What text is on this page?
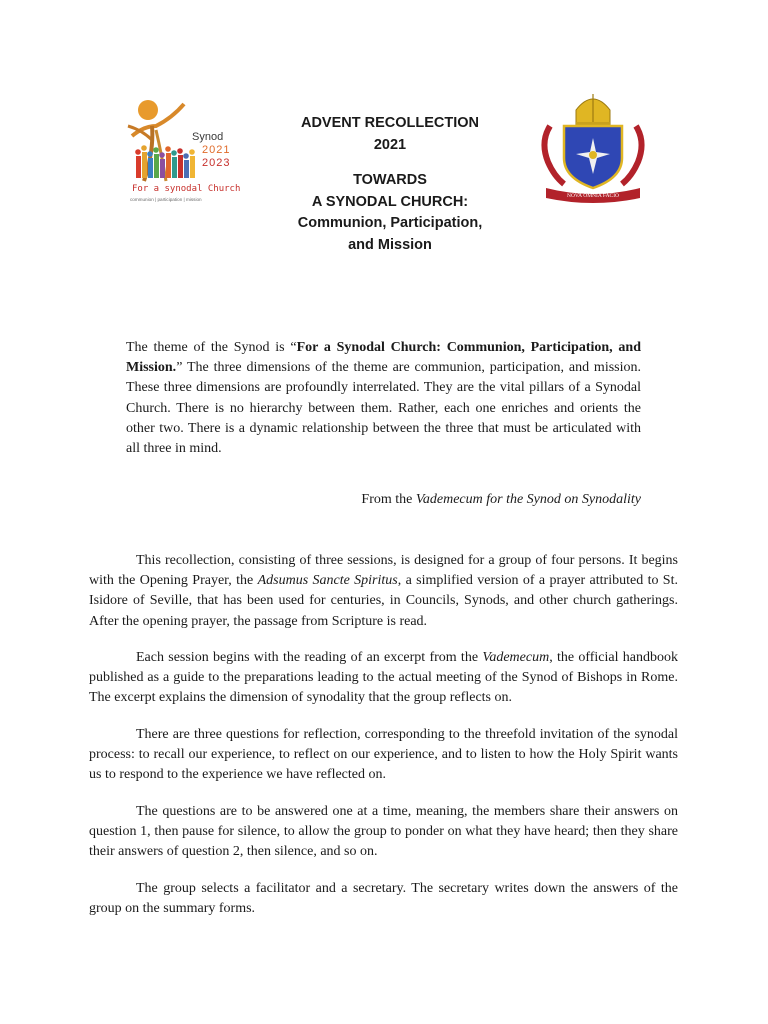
Synod
2021
2023
For a synodal Church
communion | participation | mission
NOVA OMNIA FACIO
ADVENT RECOLLECTION
2021
TOWARDS
A SYNODAL CHURCH:
Communion, Participation,
and Mission
The theme of the Synod is “For a Synodal Church: Communion, Participation, and Mission.” The three dimensions of the theme are communion, participation, and mission. These three dimensions are profoundly interrelated. They are the vital pillars of a Synodal Church. There is no hierarchy between them. Rather, each one enriches and orients the other two. There is a dynamic relationship between the three that must be articulated with all three in mind.
From the Vademecum for the Synod on Synodality
This recollection, consisting of three sessions, is designed for a group of four persons. It begins with the Opening Prayer, the Adsumus Sancte Spiritus, a simplified version of a prayer attributed to St. Isidore of Seville, that has been used for centuries, in Councils, Synods, and other church gatherings. After the opening prayer, the passage from Scripture is read.
Each session begins with the reading of an excerpt from the Vademecum, the official handbook published as a guide to the preparations leading to the actual meeting of the Synod of Bishops in Rome. The excerpt explains the dimension of synodality that the group reflects on.
There are three questions for reflection, corresponding to the threefold invitation of the synodal process: to recall our experience, to reflect on our experience, and to listen to how the Holy Spirit wants us to respond to the experience we have reflected on.
The questions are to be answered one at a time, meaning, the members share their answers on question 1, then pause for silence, to allow the group to ponder on what they have heard; then they share their answers of question 2, then silence, and so on.
The group selects a facilitator and a secretary. The secretary writes down the answers of the group on the summary forms.
